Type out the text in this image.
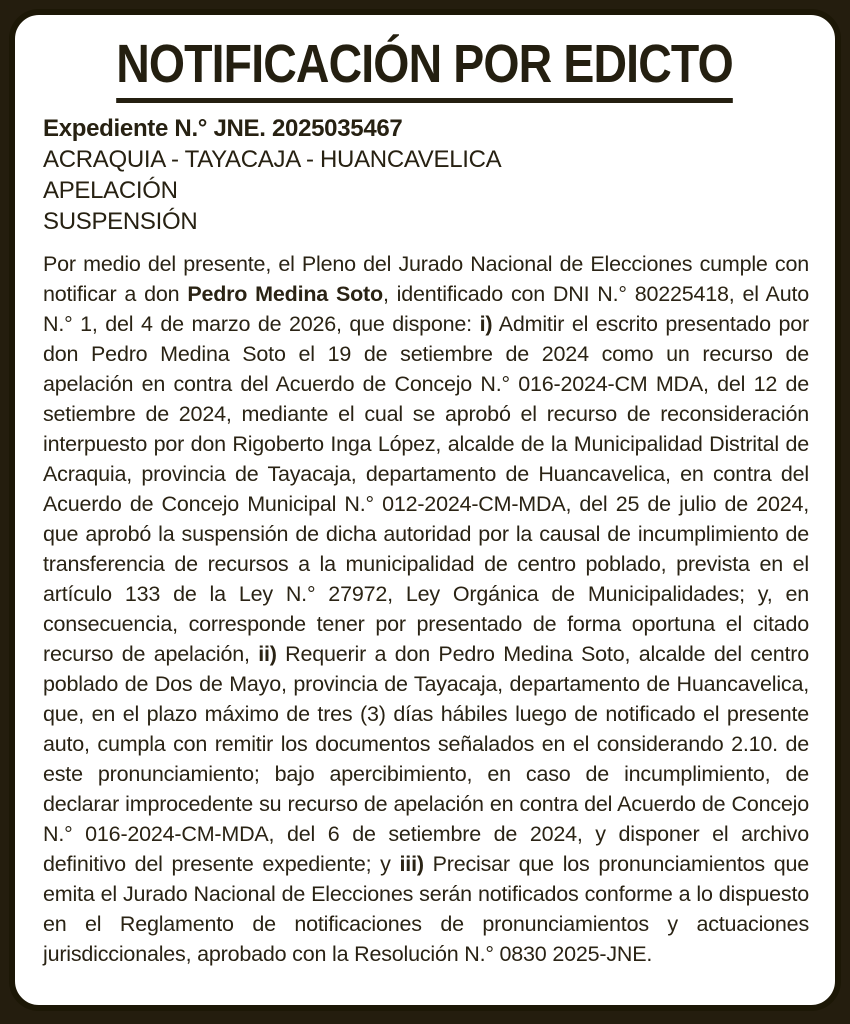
NOTIFICACIÓN POR EDICTO
Expediente N.° JNE. 2025035467
ACRAQUIA - TAYACAJA - HUANCAVELICA
APELACIÓN
SUSPENSIÓN

Por medio del presente, el Pleno del Jurado Nacional de Elecciones cumple con notificar a don Pedro Medina Soto, identificado con DNI N.° 80225418, el Auto N.° 1, del 4 de marzo de 2026, que dispone: i) Admitir el escrito presentado por don Pedro Medina Soto el 19 de setiembre de 2024 como un recurso de apelación en contra del Acuerdo de Concejo N.° 016-2024-CM MDA, del 12 de setiembre de 2024, mediante el cual se aprobó el recurso de reconsideración interpuesto por don Rigoberto Inga López, alcalde de la Municipalidad Distrital de Acraquia, provincia de Tayacaja, departamento de Huancavelica, en contra del Acuerdo de Concejo Municipal N.° 012-2024-CM-MDA, del 25 de julio de 2024, que aprobó la suspensión de dicha autoridad por la causal de incumplimiento de transferencia de recursos a la municipalidad de centro poblado, prevista en el artículo 133 de la Ley N.° 27972, Ley Orgánica de Municipalidades; y, en consecuencia, corresponde tener por presentado de forma oportuna el citado recurso de apelación, ii) Requerir a don Pedro Medina Soto, alcalde del centro poblado de Dos de Mayo, provincia de Tayacaja, departamento de Huancavelica, que, en el plazo máximo de tres (3) días hábiles luego de notificado el presente auto, cumpla con remitir los documentos señalados en el considerando 2.10. de este pronunciamiento; bajo apercibimiento, en caso de incumplimiento, de declarar improcedente su recurso de apelación en contra del Acuerdo de Concejo N.° 016-2024-CM-MDA, del 6 de setiembre de 2024, y disponer el archivo definitivo del presente expediente; y iii) Precisar que los pronunciamientos que emita el Jurado Nacional de Elecciones serán notificados conforme a lo dispuesto en el Reglamento de notificaciones de pronunciamientos y actuaciones jurisdiccionales, aprobado con la Resolución N.° 0830 2025-JNE.
